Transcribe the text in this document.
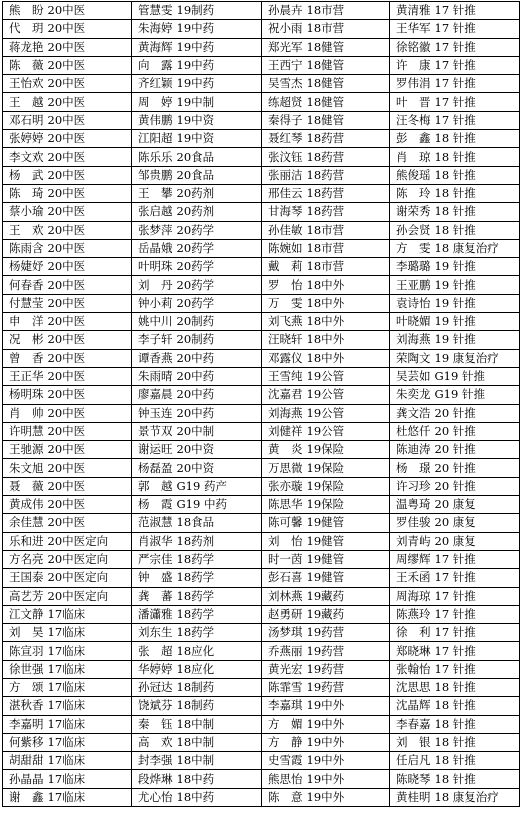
熊　盼 20中医	管慧雯 19制药	孙晨卉 18市营	黄清雅 17 针推
代　玥 20中医	朱海婷 19中药	祝小雨 18市营	王华军 17 针推
蒋龙艳 20中医	黄海辉 19中药	郑光军 18健管	徐铭徽 17 针推
陈　薇 20中医	向　露 19中药	王西宁 18健管	许　康 17 针推
王怡欢 20中医	齐红颖 19中药	吴雪杰 18健管	罗伟涓 17 针推
王　越 20中医	周　婷 19中制	练超贤 18健管	叶　晋 17 针推
邓石明 20中医	黄伟鹏 19中资	秦得子 18健管	汪冬梅 17 针推
张婷婷 20中医	江阳超 19中资	聂红琴 18药营	彭　鑫 18 针推
李文欢 20中医	陈乐乐 20食品	张汶钰 18药营	肖　琼 18 针推
杨　武 20中医	邹贵鹏 20食品	张丽洁 18药营	熊俊瑶 18 针推
陈　琦 20中医	王　攀 20药剂	邢佳云 18药营	陈　玲 18 针推
蔡小瑜 20中医	张启越 20药剂	甘海琴 18药营	谢荣秀 18 针推
王　欢 20中医	张梦萍 20药学	孙佳敏 18市营	孙会贤 18 针推
陈雨含 20中医	岳晶娥 20药学	陈婉如 18市营	方　雯 18 康复治疗
杨婕妤 20中医	叶明珠 20药学	戴　莉 18市营	李璐璐 19 针推
何春香 20中医	刘　丹 20药学	罗　怡 18中外	王亚鹏 19 针推
付慧莹 20中医	钟小莉 20药学	万　雯 18中外	袁诗怡 19 针推
申　洋 20中医	姚中川 20制药	刘飞燕 18中外	叶晓媚 19 针推
况　彬 20中医	李子轩 20制药	汪晓轩 18中外	刘海燕 19 针推
曾　香 20中医	谭香燕 20中药	邓露仪 18中外	荣陶文 19 康复治疗
王正华 20中医	朱雨晴 20中药	王雪纯 19公管	吴芸如 G19 针推
杨明珠 20中医	廖嘉晨 20中药	沈嘉君 19公管	朱奕龙 G19 针推
肖　帅 20中医	钟玉连 20中药	刘海燕 19公管	龚文浩 20 针推
许明慧 20中医	景节双 20中制	刘健祥 19公管	杜悠仟 20 针推
王驰源 20中医	谢运旺 20中资	黄　炎 19保险	陈迪涛 20 针推
朱文旭 20中医	杨磊盈 20中资	万思微 19保险	杨　璟 20 针推
聂　薇 20中医	郭　越 G19 药产	张亦璇 19保险	许习珍 20 针推
黄成伟 20中医	杨　霞 G19 中药	陈思华 19保险	温粤琦 20 康复
余佳慧 20中医	范淑慧 18食品	陈可馨 19健管	罗佳骏 20 康复
乐和进 20中医定向	肖淑华 18药剂	刘　怡 19健管	刘青屿 20 康复
方名亮 20中医定向	严宗佳 18药学	时一茵 19健管	周缪辉 17 针推
王国泰 20中医定向	钟　盛 18药学	彭石喜 19健管	王禾函 17 针推
高艺芳 20中医定向	龚　蕃 18药学	刘林燕 19藏药	周海琼 17 针推
江文静 17临床	潘瀟雅 18药学	赵勇研 19藏药	陈燕玲 17 针推
刘　昊 17临床	刘东生 18药学	汤梦琪 19药营	徐　利 17 针推
陈宣羽 17临床	张　超 18应化	乔燕丽 19药营	郑晓琳 17 针推
徐世强 17临床	华婷婷 18应化	黄光宏 19药营	张翰怡 17 针推
方　颂 17临床	孙冠达 18制药	陈霏雪 19药营	沈思思 18 针推
湛秋香 17临床	饶斌芬 18制药	李嘉琪 19中外	沈晶辉 18 针推
李嘉明 17临床	秦　钰 18中制	方　媚 19中外	李春嘉 18 针推
何紫移 17临床	高　欢 18中制	方　静 19中外	刘　银 18 针推
胡甜甜 17临床	封李强 18中制	史雪霞 19中外	任启凡 18 针推
孙晶晶 17临床	段烨琳 18中药	熊思怡 19中外	陈晓琴 18 针推
谢　鑫 17临床	尤心怡 18中药	陈　意 19中外	黄桂明 18 康复治疗
